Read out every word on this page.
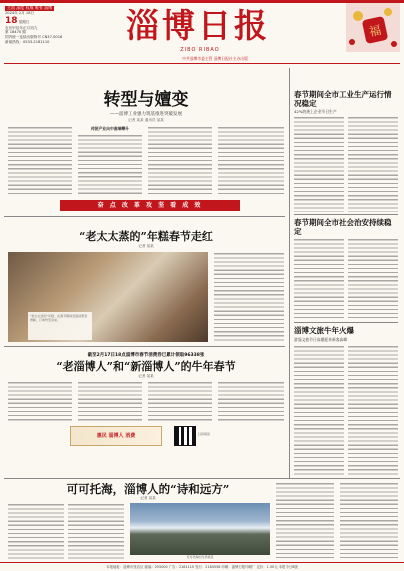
主流 深度 权威 唯有 淄博
2024年 2月 18日
18 星期日
农历甲辰年正月初九
第 18470 期
国内统一连续出版物号 CN37-0018
新闻热线：0533-2181110	淄博日报
ZIBO RIBAO
中共淄博市委主管 淄博日报社主办出版
福
转型与嬗变
——淄博工业强力筑基推进突破发展
记者 某某 通讯员 某某
传统产业向中高端攀升
奋 点 改 革 攻 坚 看 成 效
“老太太蒸的”年糕春节走红
记者 某某
“老太太蒸的”年糕，在春节期间受到消费者青睐，订单纷至沓来。
截至2月17日18点淄博市春节消费券已累计领取96338张
“老淄博人”和“新淄博人”的牛年春节
记者 某某
惠民 淄博人 消费	扫码阅读
春节期间全市工业生产运行情况稳定
42%的规上企业节日生产
春节期间全市社会治安持续稳定
淄博文旅牛年火爆
游淄文旅节日高潮迎来新客高峰
可可托海，淄博人的“诗和远方”
记者 某某
可可托海的冬季美景
本报地址：淄博市张店区 邮编：255000 广告：2181110 发行：2184558 印刷：淄博日报印刷厂 定价：1.50元 本报今日8版
